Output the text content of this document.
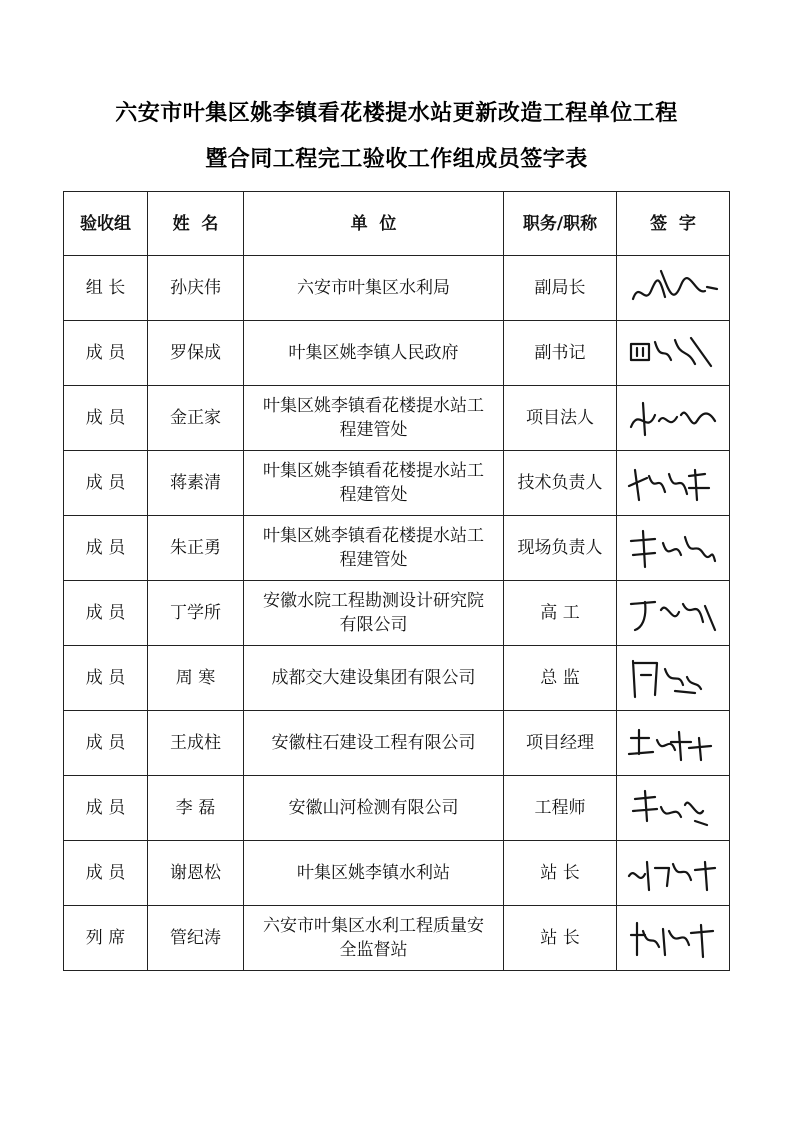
六安市叶集区姚李镇看花楼提水站更新改造工程单位工程
暨合同工程完工验收工作组成员签字表
验收组	姓  名	单  位	职务/职称	签  字
组 长	孙庆伟	六安市叶集区水利局	副局长	

成 员	罗保成	叶集区姚李镇人民政府	副书记	

成 员	金正家	叶集区姚李镇看花楼提水站工程建管处	项目法人	

成 员	蒋素清	叶集区姚李镇看花楼提水站工程建管处	技术负责人	

成 员	朱正勇	叶集区姚李镇看花楼提水站工程建管处	现场负责人	

成 员	丁学所	安徽水院工程勘测设计研究院有限公司	高 工	

成 员	周 寒	成都交大建设集团有限公司	总 监	

成 员	王成柱	安徽柱石建设工程有限公司	项目经理	

成 员	李 磊	安徽山河检测有限公司	工程师	

成 员	谢恩松	叶集区姚李镇水利站	站 长	

列 席	管纪涛	六安市叶集区水利工程质量安全监督站	站 长	
